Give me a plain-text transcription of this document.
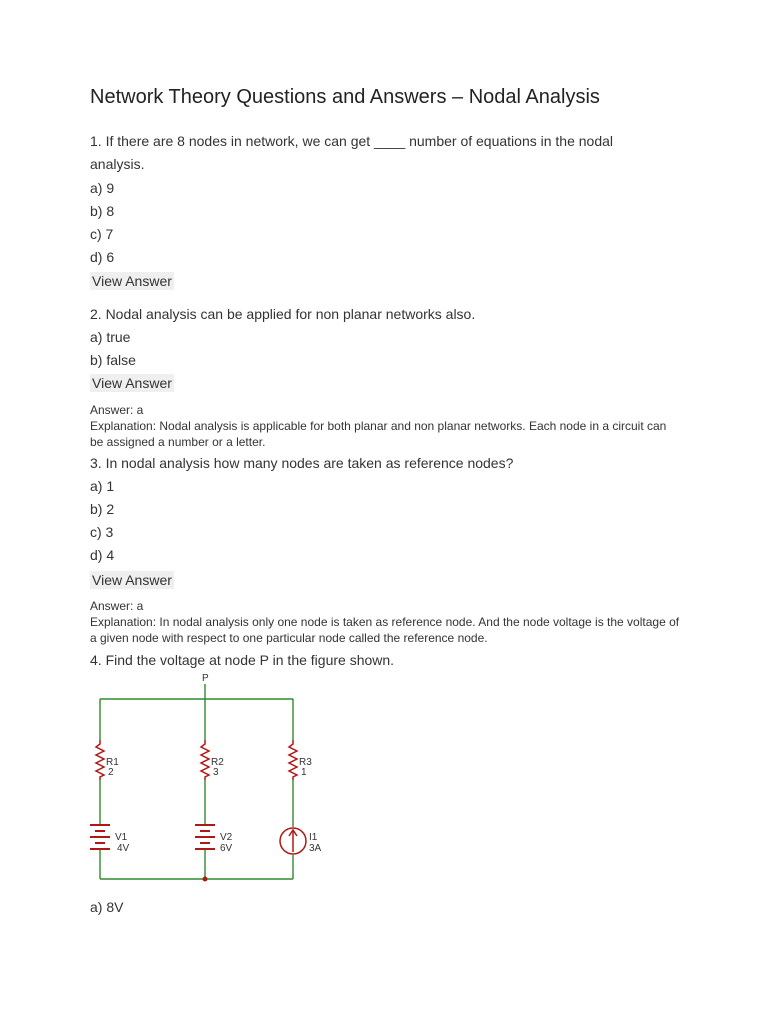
Network Theory Questions and Answers – Nodal Analysis
1. If there are 8 nodes in network, we can get ____ number of equations in the nodal analysis.
a) 9
b) 8
c) 7
d) 6
View Answer
2. Nodal analysis can be applied for non planar networks also.
a) true
b) false
View Answer
Answer: a
Explanation: Nodal analysis is applicable for both planar and non planar networks. Each node in a circuit can be assigned a number or a letter.
3. In nodal analysis how many nodes are taken as reference nodes?
a) 1
b) 2
c) 3
d) 4
View Answer
Answer: a
Explanation: In nodal analysis only one node is taken as reference node. And the node voltage is the voltage of a given node with respect to one particular node called the reference node.
4. Find the voltage at node P in the figure shown.
a) 8V
P
R1
2
R2
3
R3
1
V1
4V
V2
6V
I1
3A
